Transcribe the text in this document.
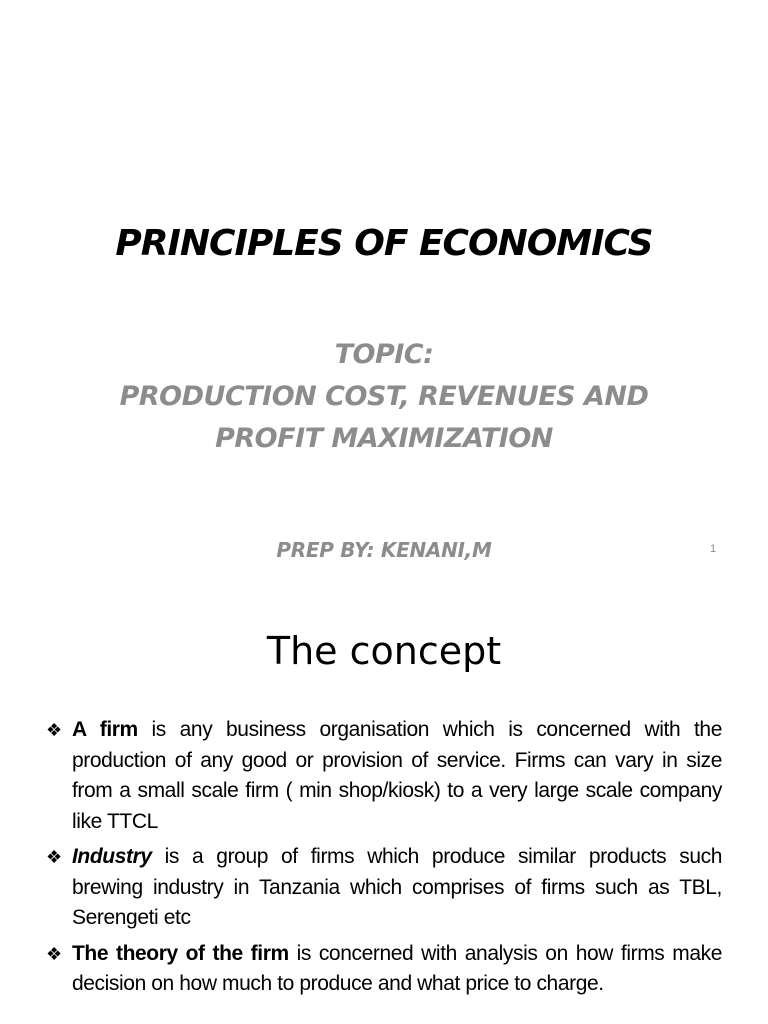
PRINCIPLES OF ECONOMICS
TOPIC:
PRODUCTION COST, REVENUES AND
PROFIT MAXIMIZATION
PREP BY: KENANI,M	1
The concept
❖ A firm is any business organisation which is concerned with the production of any good or provision of service. Firms can vary in size from a small scale firm ( min shop/kiosk) to a very large scale company like TTCL
❖ Industry is a group of firms which produce similar products such brewing industry in Tanzania which comprises of firms such as TBL, Serengeti etc
❖ The theory of the firm is concerned with analysis on how firms make decision on how much to produce and what price to charge.
